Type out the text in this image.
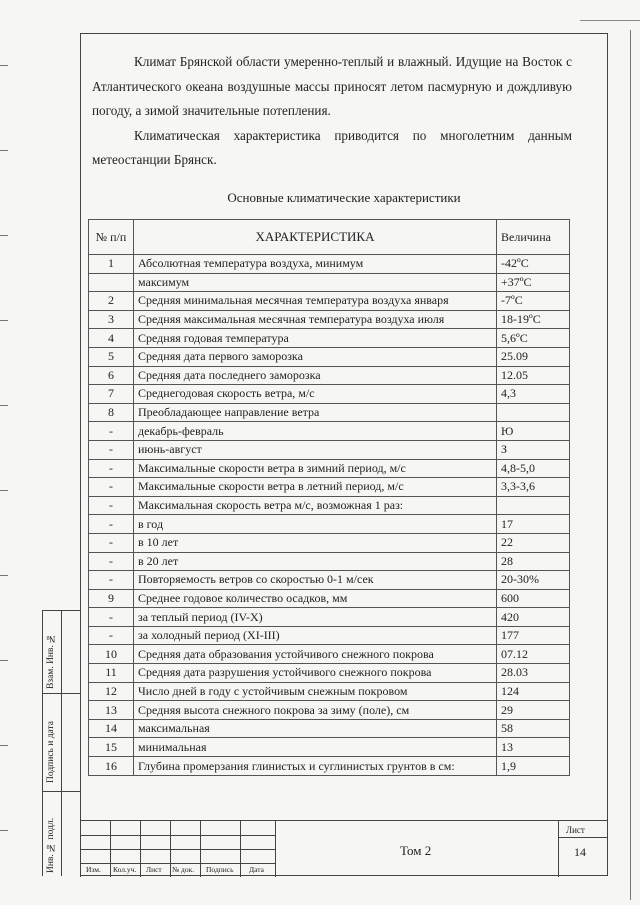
Климат Брянской области умеренно-теплый и влажный. Идущие на Восток с Атлантического океана воздушные массы приносят летом пасмурную и дождливую погоду, а зимой значительные потепления.

Климатическая характеристика приводится по многолетним данным метеостанции Брянск.

Основные климатические характеристики
№ п/п	ХАРАКТЕРИСТИКА	Величина
1	Абсолютная температура воздуха, минимум	-42ºС
	максимум	+37ºС
2	Средняя минимальная месячная температура воздуха января	-7ºС
3	Средняя максимальная месячная температура воздуха июля	18-19ºС
4	Средняя годовая температура	5,6ºС
5	Средняя дата первого заморозка	25.09
6	Средняя дата последнего заморозка	12.05
7	Среднегодовая скорость ветра, м/с	4,3
8	Преобладающее направление ветра	
-	декабрь-февраль	Ю
-	июнь-август	З
-	Максимальные скорости ветра в зимний период, м/с	4,8-5,0
-	Максимальные скорости ветра в летний период, м/с	3,3-3,6
-	Максимальная скорость ветра м/с, возможная 1 раз:	
-	в год	17
-	в 10 лет	22
-	в 20 лет	28
-	Повторяемость ветров со скоростью 0-1 м/сек	20-30%
9	Среднее годовое количество осадков, мм	600
-	за теплый период (IV-X)	420
-	за холодный период (XI-III)	177
10	Средняя дата образования устойчивого снежного покрова	07.12
11	Средняя дата разрушения устойчивого снежного покрова	28.03
12	Число дней в году с устойчивым снежным покровом	124
13	Средняя высота снежного покрова за зиму (поле), см	29
14	максимальная	58
15	минимальная	13
16	Глубина промерзания глинистых и суглинистых грунтов в см:	1,9
Взам. Инв. №
Подпись и дата
Инв. № подл.	Изм. Кол.уч. Лист № док. Подпись Дата
Том 2
Лист
14
